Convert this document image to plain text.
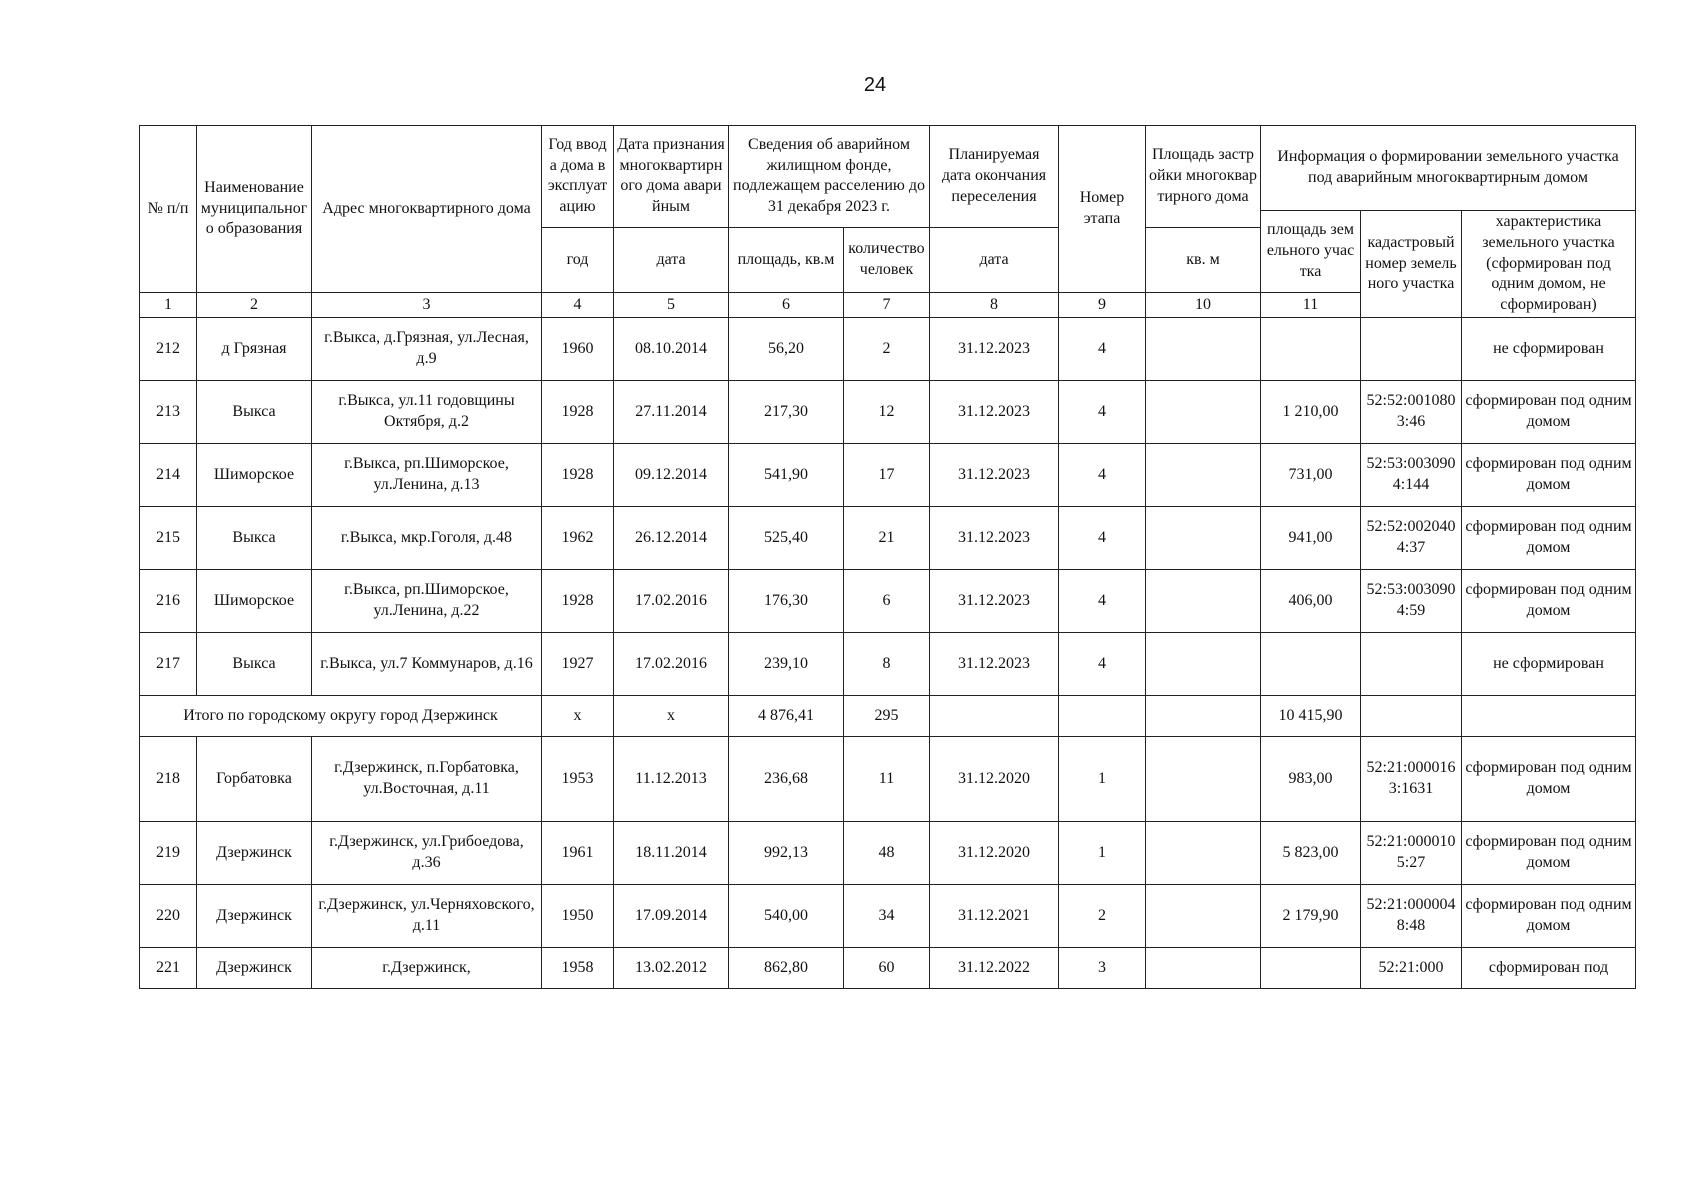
24
№ п/п	Наименование муниципального образования	Адрес многоквартирного дома	Год ввода дома в эксплуатацию	Дата признания многоквартирного дома аварийным	Сведения об аварийном жилищном фонде, подлежащем расселению до 31 декабря 2023 г.		Планируемая дата окончания переселения	Номер этапа	Площадь застройки многоквартирного дома	Информация о формировании земельного участка под аварийным многоквартирным домом			
										площадь земельного участка	кадастровый номер земельного участка	характеристика земельного участка (сформирован под одним домом, не сформирован)	
			год	дата	площадь, кв.м	количество человек	дата		кв. м				
1	2	3	4	5	6	7	8	9	10	11		
212	д Грязная	г.Выкса, д.Грязная, ул.Лесная, д.9	1960	08.10.2014	56,20	2	31.12.2023	4				не сформирован	
213	Выкса	г.Выкса, ул.11 годовщины Октября, д.2	1928	27.11.2014	217,30	12	31.12.2023	4		1 210,00	52:52:0010803:46	сформирован под одним домом	
214	Шиморское	г.Выкса, рп.Шиморское, ул.Ленина, д.13	1928	09.12.2014	541,90	17	31.12.2023	4		731,00	52:53:0030904:144	сформирован под одним домом	
215	Выкса	г.Выкса, мкр.Гоголя, д.48	1962	26.12.2014	525,40	21	31.12.2023	4		941,00	52:52:0020404:37	сформирован под одним домом	
216	Шиморское	г.Выкса, рп.Шиморское, ул.Ленина, д.22	1928	17.02.2016	176,30	6	31.12.2023	4		406,00	52:53:0030904:59	сформирован под одним домом	
217	Выкса	г.Выкса, ул.7 Коммунаров, д.16	1927	17.02.2016	239,10	8	31.12.2023	4				не сформирован	
Итого по городскому округу город Дзержинск			x	x	4 876,41	295				10 415,90			
218	Горбатовка	г.Дзержинск, п.Горбатовка, ул.Восточная, д.11	1953	11.12.2013	236,68	11	31.12.2020	1		983,00	52:21:0000163:1631	сформирован под одним домом	
219	Дзержинск	г.Дзержинск, ул.Грибоедова, д.36	1961	18.11.2014	992,13	48	31.12.2020	1		5 823,00	52:21:0000105:27	сформирован под одним домом	
220	Дзержинск	г.Дзержинск, ул.Черняховского, д.11	1950	17.09.2014	540,00	34	31.12.2021	2		2 179,90	52:21:0000048:48	сформирован под одним домом	
221	Дзержинск	г.Дзержинск,	1958	13.02.2012	862,80	60	31.12.2022	3			52:21:000	сформирован под	
